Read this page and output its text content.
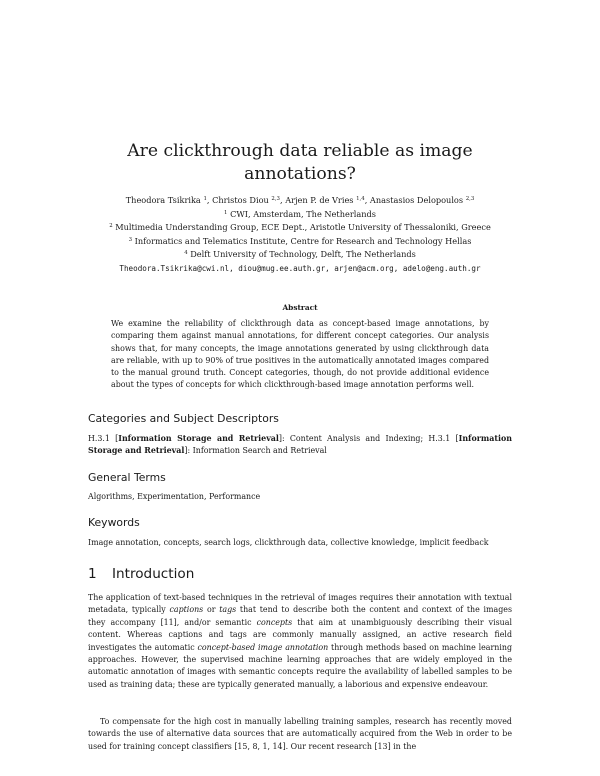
Are clickthrough data reliable as image annotations?
Theodora Tsikrika $^1$, Christos Diou $^{2,3}$, Arjen P. de Vries $^{1,4}$, Anastasios Delopoulos $^{2,3}$
$^1$ CWI, Amsterdam, The Netherlands
$^2$ Multimedia Understanding Group, ECE Dept., Aristotle University of Thessaloniki, Greece
$^3$ Informatics and Telematics Institute, Centre for Research and Technology Hellas
$^4$ Delft University of Technology, Delft, The Netherlands
Theodora.Tsikrika@cwi.nl, diou@mug.ee.auth.gr, arjen@acm.org, adelo@eng.auth.gr
Abstract
We examine the reliability of clickthrough data as concept-based image annotations, by comparing them against manual annotations, for different concept categories. Our analysis shows that, for many concepts, the image annotations generated by using clickthrough data are reliable, with up to 90% of true positives in the automatically annotated images compared to the manual ground truth. Concept categories, though, do not provide additional evidence about the types of concepts for which clickthrough-based image annotation performs well.
Categories and Subject Descriptors
H.3.1 [Information Storage and Retrieval]: Content Analysis and Indexing; H.3.1 [Information Storage and Retrieval]: Information Search and Retrieval
General Terms
Algorithms, Experimentation, Performance
Keywords
Image annotation, concepts, search logs, clickthrough data, collective knowledge, implicit feedback
1 Introduction
The application of text-based techniques in the retrieval of images requires their annotation with textual metadata, typically captions or tags that tend to describe both the content and context of the images they accompany [11], and/or semantic concepts that aim at unambiguously describing their visual content. Whereas captions and tags are commonly manually assigned, an active research field investigates the automatic concept-based image annotation through methods based on machine learning approaches. However, the supervised machine learning approaches that are widely employed in the automatic annotation of images with semantic concepts require the availability of labelled samples to be used as training data; these are typically generated manually, a laborious and expensive endeavour.
To compensate for the high cost in manually labelling training samples, research has recently moved towards the use of alternative data sources that are automatically acquired from the Web in order to be used for training concept classifiers [15, 8, 1, 14]. Our recent research [13] in the
